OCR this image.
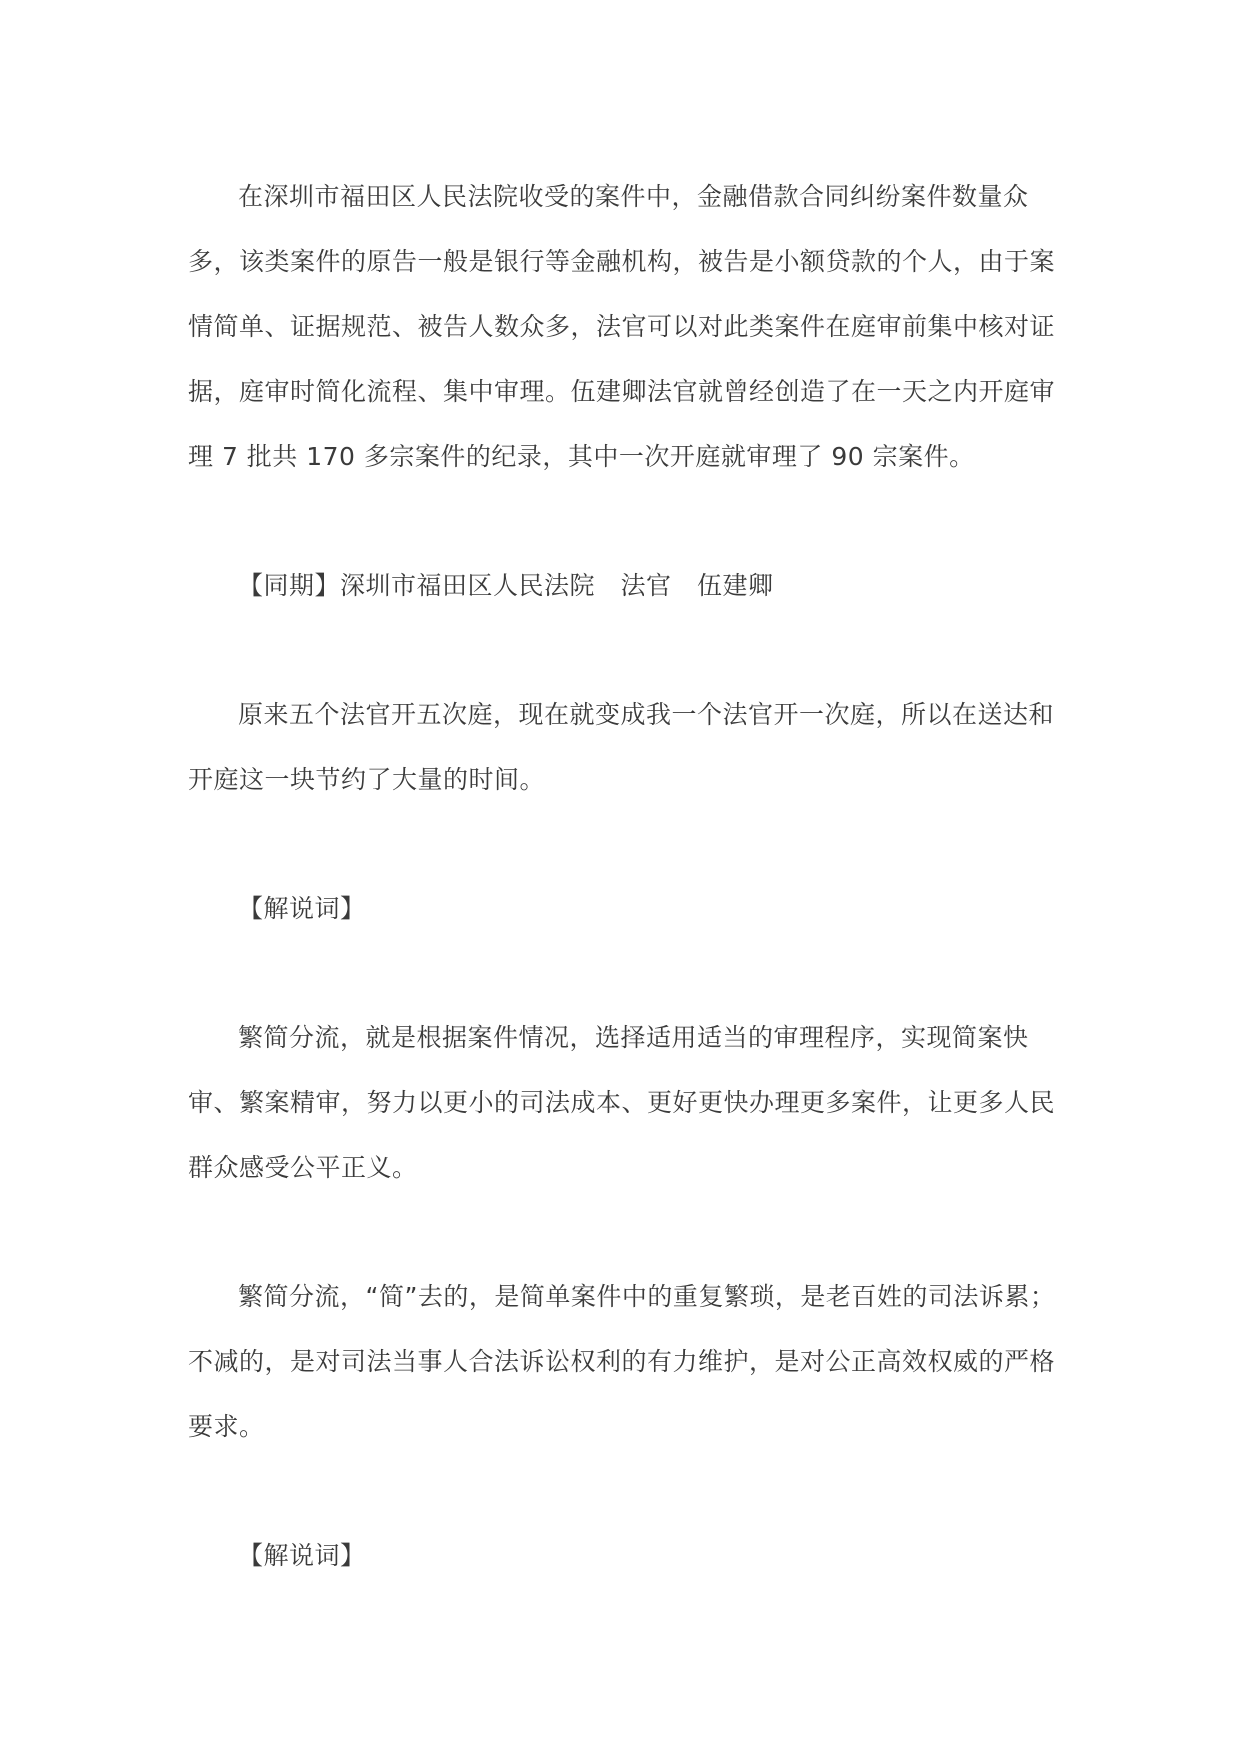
在深圳市福田区人民法院收受的案件中，金融借款合同纠纷案件数量众多，该类案件的原告一般是银行等金融机构，被告是小额贷款的个人，由于案情简单、证据规范、被告人数众多，法官可以对此类案件在庭审前集中核对证据，庭审时简化流程、集中审理。伍建卿法官就曾经创造了在一天之内开庭审理 7 批共 170 多宗案件的纪录，其中一次开庭就审理了 90 宗案件。

【同期】深圳市福田区人民法院　法官　伍建卿

原来五个法官开五次庭，现在就变成我一个法官开一次庭，所以在送达和开庭这一块节约了大量的时间。

【解说词】

繁简分流，就是根据案件情况，选择适用适当的审理程序，实现简案快审、繁案精审，努力以更小的司法成本、更好更快办理更多案件，让更多人民群众感受公平正义。

繁简分流，“简”去的，是简单案件中的重复繁琐，是老百姓的司法诉累；不减的，是对司法当事人合法诉讼权利的有力维护，是对公正高效权威的严格要求。

【解说词】
